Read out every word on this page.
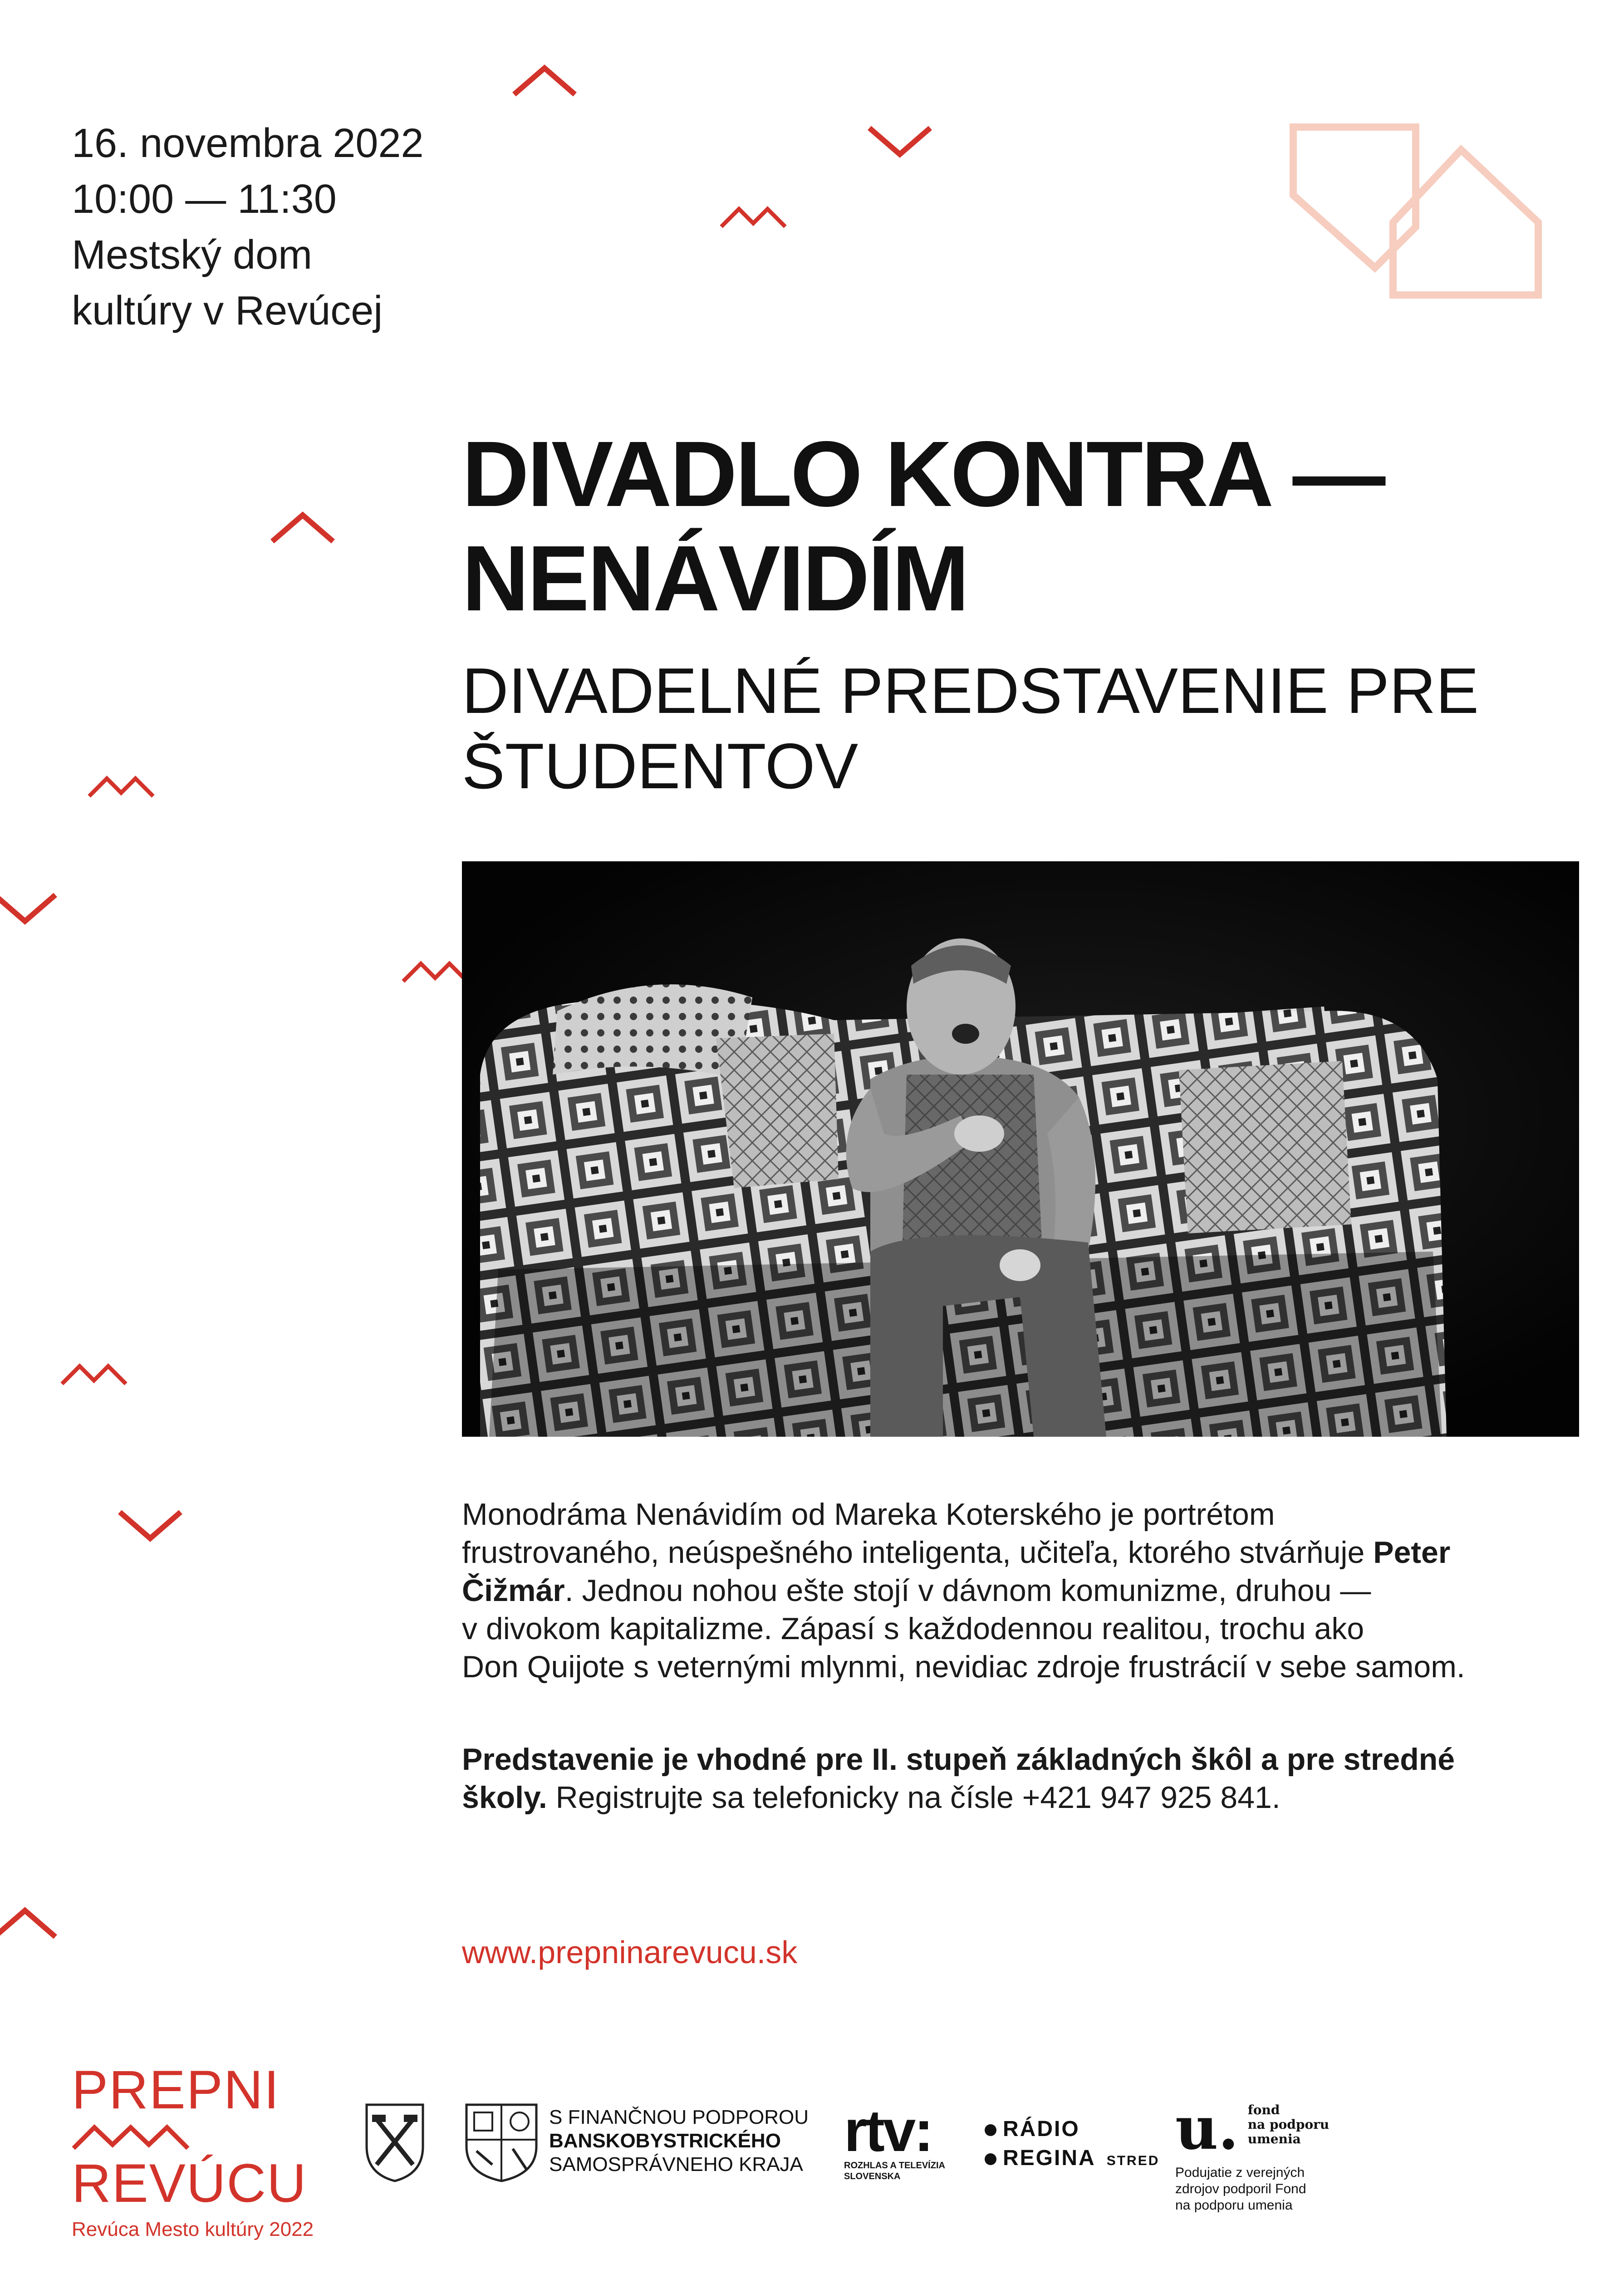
16. novembra 2022
10:00 — 11:30
Mestský dom
kultúry v Revúcej
DIVADLO KONTRA —
NENÁVIDÍM
DIVADELNÉ PREDSTAVENIE PRE
ŠTUDENTOV

Monodráma Nenávidím od Mareka Koterského je portrétom
frustrovaného, neúspešného inteligenta, učiteľa, ktorého stvárňuje Peter
Čižmár. Jednou nohou ešte stojí v dávnom komunizme, druhou —
v divokom kapitalizme. Zápasí s každodennou realitou, trochu ako
Don Quijote s veternými mlynmi, nevidiac zdroje frustrácií v sebe samom.

Predstavenie je vhodné pre II. stupeň základných škôl a pre stredné
školy. Registrujte sa telefonicky na čísle +421 947 925 841.
www.prepninarevucu.sk
PREPNI
REVÚCU
Revúca Mesto kultúry 2022
S FINANČNOU PODPOROU
BANSKOBYSTRICKÉHO
SAMOSPRÁVNEHO KRAJA
rtv:
ROZHLAS A TELEVÍZIA
SLOVENSKA
RÁDIO
REGINA STRED u. fond
na podporu
umenia
Podujatie z verejných
zdrojov podporil Fond
na podporu umenia
